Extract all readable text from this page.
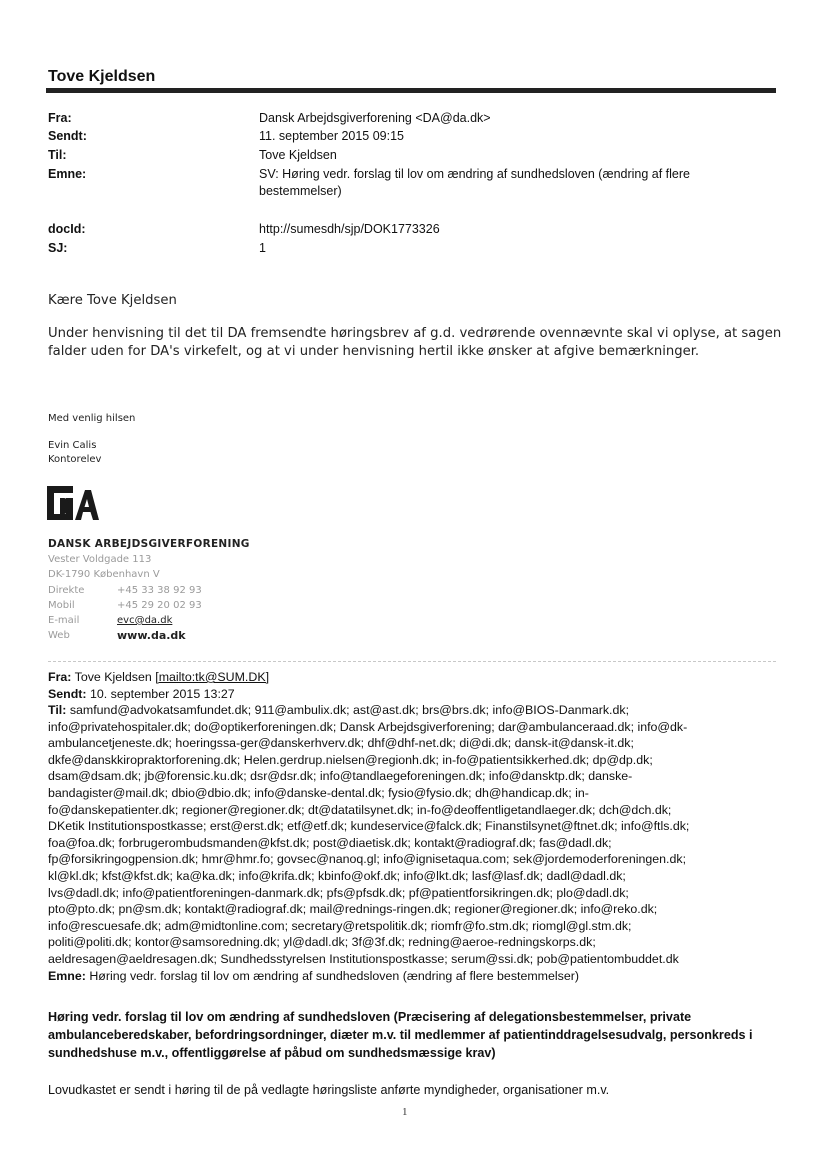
Tove Kjeldsen
Fra:	Dansk Arbejdsgiverforening <DA@da.dk>
Sendt:	11. september 2015 09:15
Til:	Tove Kjeldsen
Emne:	SV: Høring vedr. forslag til lov om ændring af sundhedsloven (ændring af flere bestemmelser)
docId:	http://sumesdh/sjp/DOK1773326
SJ:	1
Kære Tove Kjeldsen
Under henvisning til det til DA fremsendte høringsbrev af g.d. vedrørende ovennævnte skal vi oplyse, at sagen falder uden for DA's virkefelt, og at vi under henvisning hertil ikke ønsker at afgive bemærkninger.
Med venlig hilsen
Evin Calis
Kontorelev
DANSK ARBEJDSGIVERFORENING
Vester Voldgade 113
DK-1790 København V
Direkte	+45 33 38 92 93
Mobil	+45 29 20 02 93
E-mail	evc@da.dk
Web	www.da.dk
Fra: Tove Kjeldsen [mailto:tk@SUM.DK]
Sendt: 10. september 2015 13:27
Til: samfund@advokatsamfundet.dk; 911@ambulix.dk; ast@ast.dk; brs@brs.dk; info@BIOS-Danmark.dk;
info@privatehospitaler.dk; do@optikerforeningen.dk; Dansk Arbejdsgiverforening; dar@ambulanceraad.dk; info@dk-
ambulancetjeneste.dk; hoeringssa-ger@danskerhverv.dk; dhf@dhf-net.dk; di@di.dk; dansk-it@dansk-it.dk;
dkfe@danskkiropraktorforening.dk; Helen.gerdrup.nielsen@regionh.dk; in-fo@patientsikkerhed.dk; dp@dp.dk;
dsam@dsam.dk; jb@forensic.ku.dk; dsr@dsr.dk; info@tandlaegeforeningen.dk; info@dansktp.dk; danske-
bandagister@mail.dk; dbio@dbio.dk; info@danske-dental.dk; fysio@fysio.dk; dh@handicap.dk; in-
fo@danskepatienter.dk; regioner@regioner.dk; dt@datatilsynet.dk; in-fo@deoffentligetandlaeger.dk; dch@dch.dk;
DKetik Institutionspostkasse; erst@erst.dk; etf@etf.dk; kundeservice@falck.dk; Finanstilsynet@ftnet.dk; info@ftls.dk;
foa@foa.dk; forbrugerombudsmanden@kfst.dk; post@diaetisk.dk; kontakt@radiograf.dk; fas@dadl.dk;
fp@forsikringogpension.dk; hmr@hmr.fo; govsec@nanoq.gl; info@ignisetaqua.com; sek@jordemoderforeningen.dk;
kl@kl.dk; kfst@kfst.dk; ka@ka.dk; info@krifa.dk; kbinfo@okf.dk; info@lkt.dk; lasf@lasf.dk; dadl@dadl.dk;
lvs@dadl.dk; info@patientforeningen-danmark.dk; pfs@pfsdk.dk; pf@patientforsikringen.dk; plo@dadl.dk;
pto@pto.dk; pn@sm.dk; kontakt@radiograf.dk; mail@rednings-ringen.dk; regioner@regioner.dk; info@reko.dk;
info@rescuesafe.dk; adm@midtonline.com; secretary@retspolitik.dk; riomfr@fo.stm.dk; riomgl@gl.stm.dk;
politi@politi.dk; kontor@samsoredning.dk; yl@dadl.dk; 3f@3f.dk; redning@aeroe-redningskorps.dk;
aeldresagen@aeldresagen.dk; Sundhedsstyrelsen Institutionspostkasse; serum@ssi.dk; pob@patientombuddet.dk
Emne: Høring vedr. forslag til lov om ændring af sundhedsloven (ændring af flere bestemmelser)
Høring vedr. forslag til lov om ændring af sundhedsloven (Præcisering af delegationsbestemmelser, private ambulanceberedskaber, befordringsordninger, diæter m.v. til medlemmer af patientinddragelsesudvalg, personkreds i sundhedshuse m.v., offentliggørelse af påbud om sundhedsmæssige krav)
Lovudkastet er sendt i høring til de på vedlagte høringsliste anførte myndigheder, organisationer m.v.
1
